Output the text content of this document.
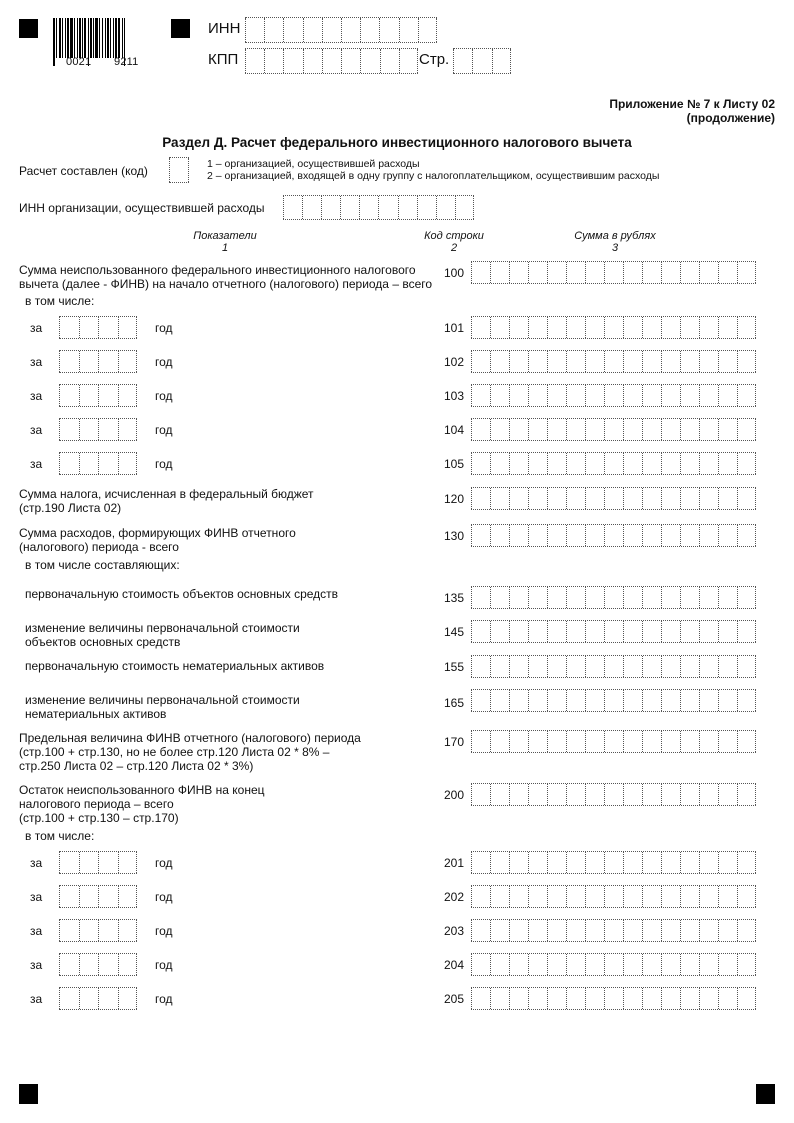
0021 9211
ИНН
КПП	Стр.
Приложение № 7 к Листу 02
(продолжение)
Раздел Д. Расчет федерального инвестиционного налогового вычета
Расчет составлен (код)	1 – организацией, осуществившей расходы
2 – организацией, входящей в одну группу с налогоплательщиком, осуществившим расходы
ИНН организации, осуществившей расходы
Показатели
1
Код строки
2
Сумма в рублях
3
Сумма неиспользованного федерального инвестиционного налогового
вычета (далее - ФИНВ) на начало отчетного (налогового) периода – всего
100
в том числе:
за	год	101
за	год	102
за	год	103
за	год	104
за	год	105
Сумма налога, исчисленная в федеральный бюджет
(стр.190 Листа 02)
120
Сумма расходов, формирующих ФИНВ отчетного
(налогового) периода - всего
130
в том числе составляющих:
первоначальную стоимость объектов основных средств	135
изменение величины первоначальной стоимости
объектов основных средств
145
первоначальную стоимость нематериальных активов	155
изменение величины первоначальной стоимости
нематериальных активов
165
Предельная величина ФИНВ отчетного (налогового) периода
(стр.100 + стр.130, но не более стр.120 Листа 02 * 8% –
стр.250 Листа 02 – стр.120 Листа 02 * 3%)
170
Остаток неиспользованного ФИНВ на конец
налогового периода – всего
(стр.100 + стр.130 – стр.170)
200
в том числе:
за	год	201
за	год	202
за	год	203
за	год	204
за	год	205
